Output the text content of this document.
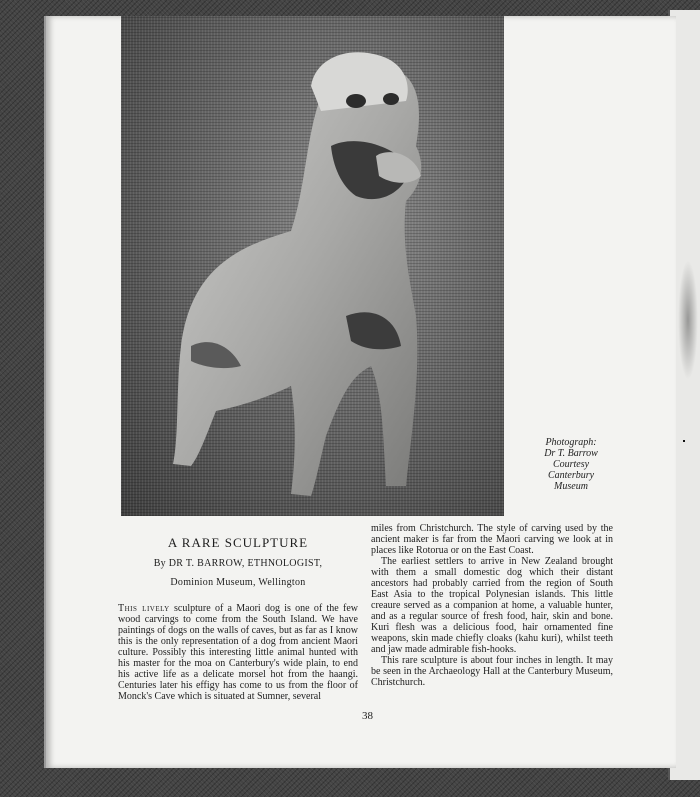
Photograph:
Dr T. Barrow
Courtesy
Canterbury
Museum
A RARE SCULPTURE
By DR T. BARROW, ETHNOLOGIST,
Dominion Museum, Wellington

This lively sculpture of a Maori dog is one of the few wood carvings to come from the South Island. We have paintings of dogs on the walls of caves, but as far as I know this is the only representation of a dog from ancient Maori culture. Possibly this interesting little animal hunted with his master for the moa on Canterbury's wide plain, to end his active life as a delicate morsel hot from the haangi. Centuries later his effigy has come to us from the floor of Monck's Cave which is situated at Sumner, several

miles from Christchurch. The style of carving used by the ancient maker is far from the Maori carving we look at in places like Rotorua or on the East Coast.

The earliest settlers to arrive in New Zealand brought with them a small domestic dog which their distant ancestors had probably carried from the region of South East Asia to the tropical Polynesian islands. This little creaure served as a companion at home, a valuable hunter, and as a regular source of fresh food, hair, skin and bone. Kuri flesh was a delicious food, hair ornamented fine weapons, skin made chiefly cloaks (kahu kuri), whilst teeth and jaw made admirable fish-hooks.

This rare sculpture is about four inches in length. It may be seen in the Archaeology Hall at the Canterbury Museum, Christchurch.

38
